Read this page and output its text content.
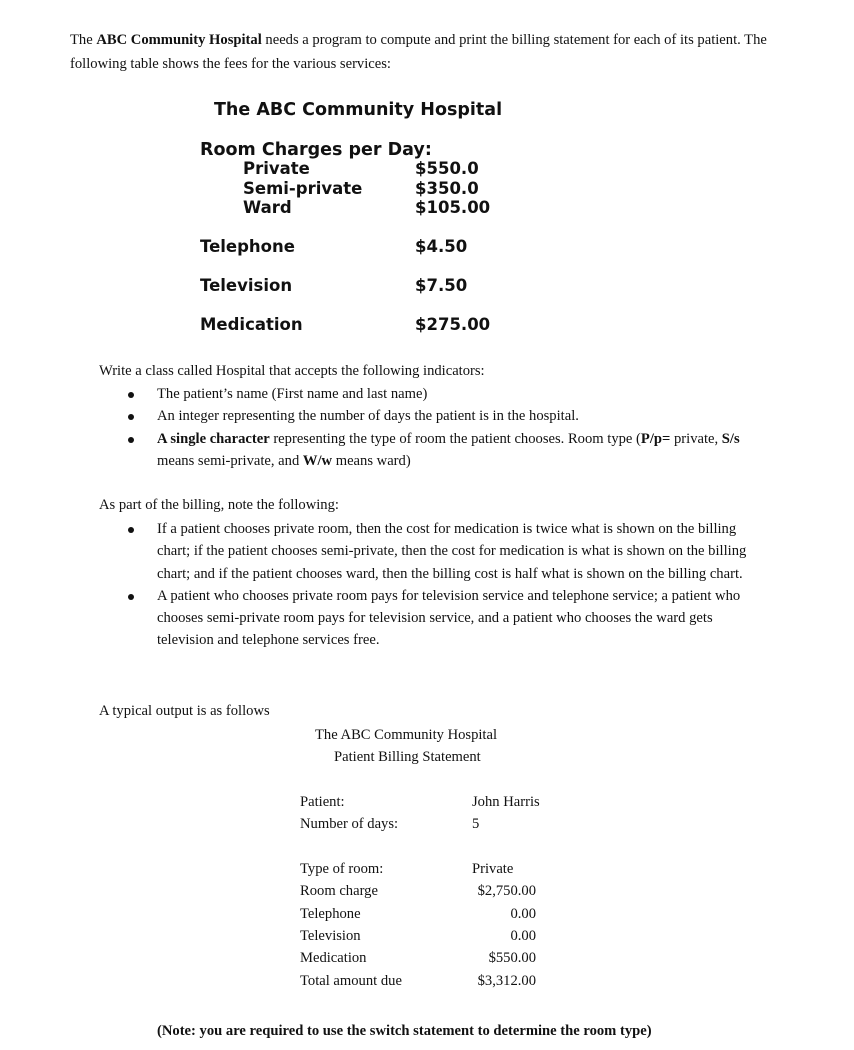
The ABC Community Hospital needs a program to compute and print the billing statement for each of its patient. The following table shows the fees for the various services:

The ABC Community Hospital
Room Charges per Day:
Private	$550.0
Semi-private	$350.0
Ward	$105.00
Telephone	$4.50
Television	$7.50
Medication	$275.00
Write a class called Hospital that accepts the following indicators:
The patient’s name (First name and last name)
An integer representing the number of days the patient is in the hospital.
A single character representing the type of room the patient chooses. Room type (P/p= private, S/s means semi-private, and W/w means ward)
As part of the billing, note the following:
If a patient chooses private room, then the cost for medication is twice what is shown on the billing chart; if the patient chooses semi-private, then the cost for medication is what is shown on the billing chart; and if the patient chooses ward, then the billing cost is half what is shown on the billing chart.
A patient who chooses private room pays for television service and telephone service; a patient who chooses semi-private room pays for television service, and a patient who chooses the ward gets television and telephone services free.
A typical output is as follows
The ABC Community Hospital
Patient Billing Statement
Patient:	John Harris
Number of days:	5
Type of room:	Private
Room charge	$2,750.00
Telephone	0.00
Television	0.00
Medication	$550.00
Total amount due	$3,312.00
(Note: you are required to use the switch statement to determine the room type)
